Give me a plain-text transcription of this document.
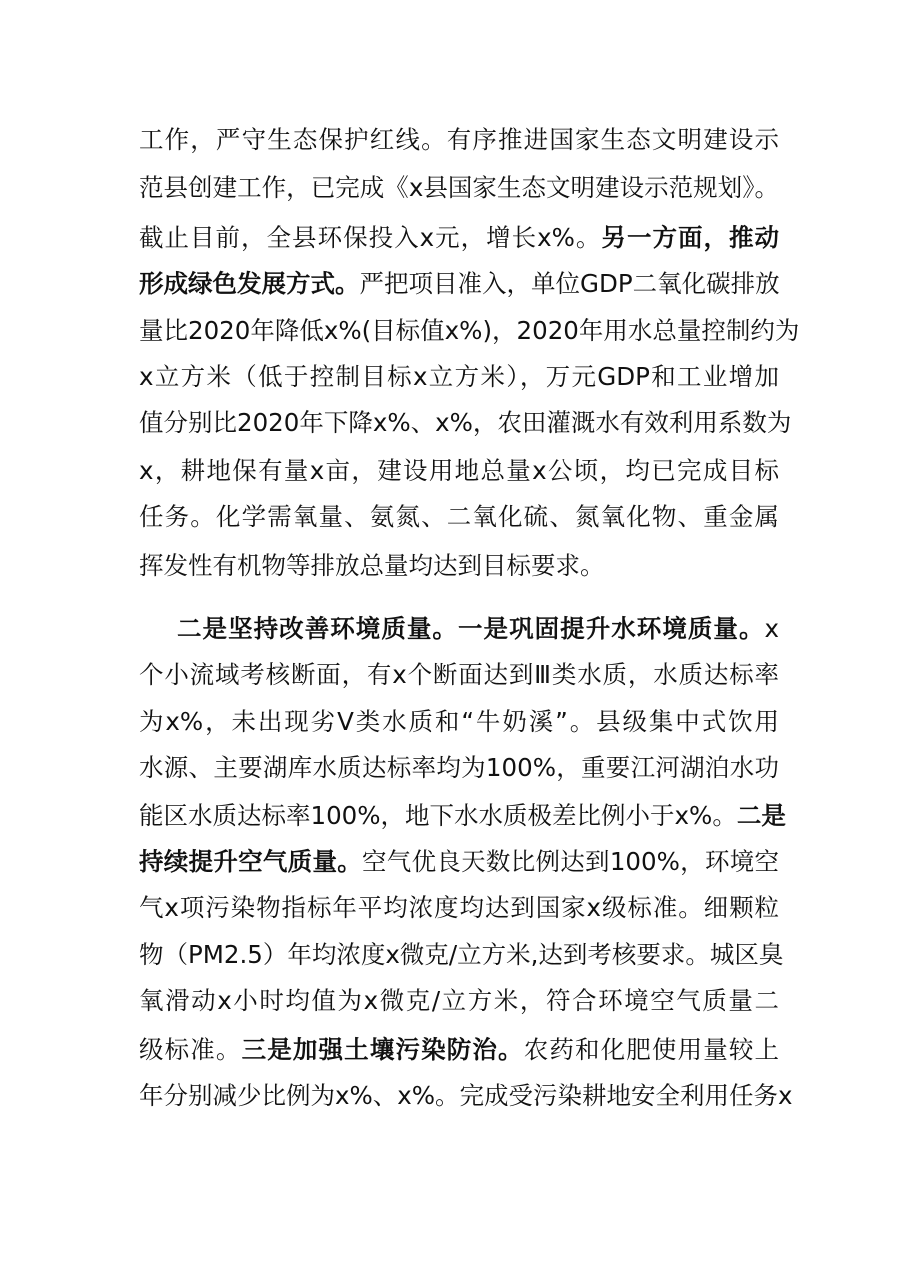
工作，严守生态保护红线。有序推进国家生态文明建设示
范县创建工作，已完成《x县国家生态文明建设示范规划》。
截止目前，全县环保投入x元，增长x%。另一方面，推动
形成绿色发展方式。严把项目准入，单位GDP二氧化碳排放
量比2020年降低x%(目标值x%)，2020年用水总量控制约为
x立方米（低于控制目标x立方米），万元GDP和工业增加
值分别比2020年下降x%、x%，农田灌溉水有效利用系数为
x，耕地保有量x亩，建设用地总量x公顷，均已完成目标
任务。化学需氧量、氨氮、二氧化硫、氮氧化物、重金属
挥发性有机物等排放总量均达到目标要求。
二是坚持改善环境质量。一是巩固提升水环境质量。x
个小流域考核断面，有x个断面达到Ⅲ类水质，水质达标率
为x%，未出现劣Ⅴ类水质和“牛奶溪”。县级集中式饮用
水源、主要湖库水质达标率均为100%，重要江河湖泊水功
能区水质达标率100%，地下水水质极差比例小于x%。二是
持续提升空气质量。空气优良天数比例达到100%，环境空
气x项污染物指标年平均浓度均达到国家x级标准。细颗粒
物（PM2.5）年均浓度x微克/立方米,达到考核要求。城区臭
氧滑动x小时均值为x微克/立方米，符合环境空气质量二
级标准。三是加强土壤污染防治。农药和化肥使用量较上
年分别减少比例为x%、x%。完成受污染耕地安全利用任务x
